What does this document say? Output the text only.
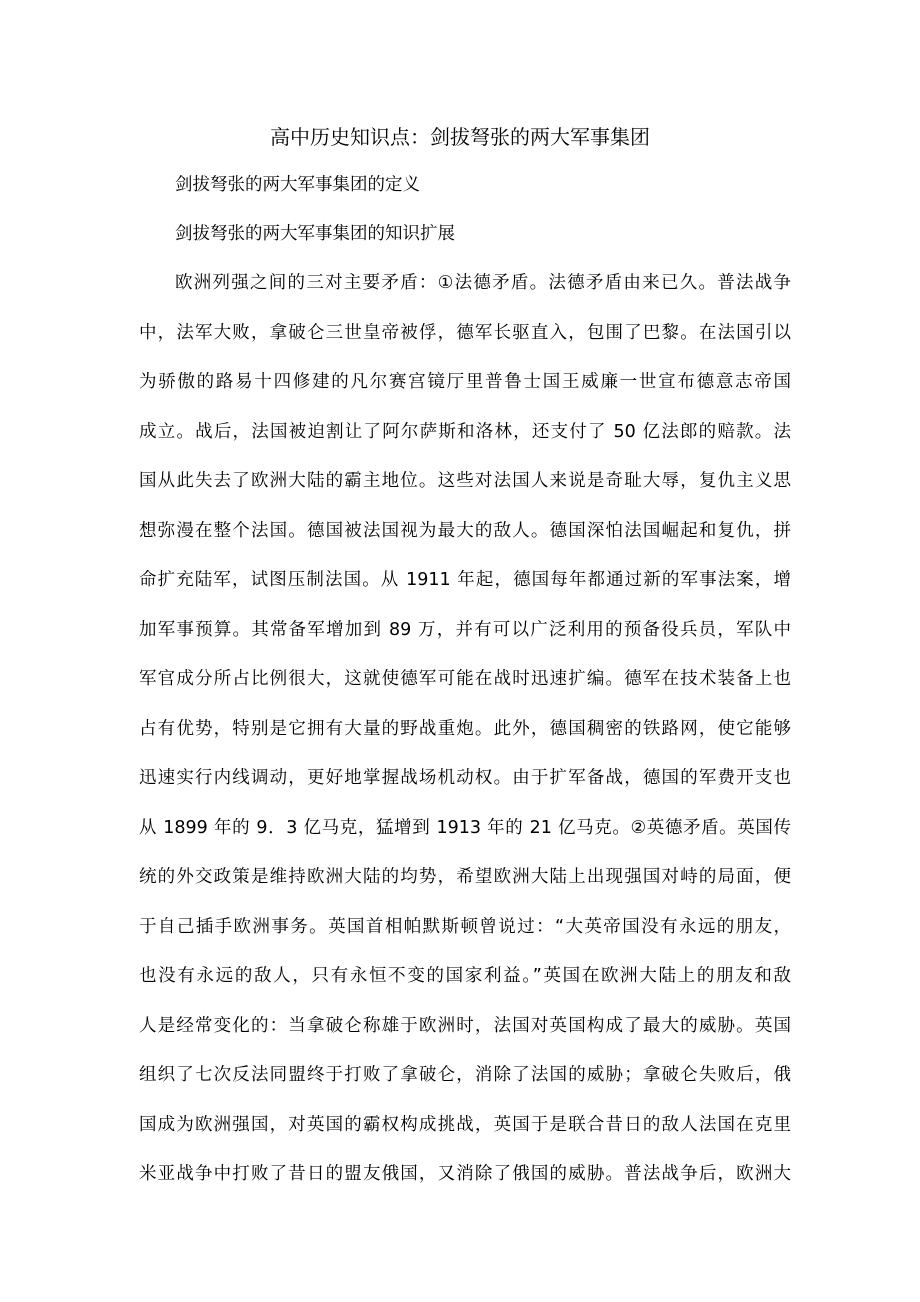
高中历史知识点：剑拔弩张的两大军事集团
剑拔弩张的两大军事集团的定义
剑拔弩张的两大军事集团的知识扩展
欧洲列强之间的三对主要矛盾：①法德矛盾。法德矛盾由来已久。普法战争
中，法军大败，拿破仑三世皇帝被俘，德军长驱直入，包围了巴黎。在法国引以
为骄傲的路易十四修建的凡尔赛宫镜厅里普鲁士国王威廉一世宣布德意志帝国
成立。战后，法国被迫割让了阿尔萨斯和洛林，还支付了 50 亿法郎的赔款。法
国从此失去了欧洲大陆的霸主地位。这些对法国人来说是奇耻大辱，复仇主义思
想弥漫在整个法国。德国被法国视为最大的敌人。德国深怕法国崛起和复仇，拼
命扩充陆军，试图压制法国。从 1911 年起，德国每年都通过新的军事法案，增
加军事预算。其常备军增加到 89 万，并有可以广泛利用的预备役兵员，军队中
军官成分所占比例很大，这就使德军可能在战时迅速扩编。德军在技术装备上也
占有优势，特别是它拥有大量的野战重炮。此外，德国稠密的铁路网，使它能够
迅速实行内线调动，更好地掌握战场机动权。由于扩军备战，德国的军费开支也
从 1899 年的 9．3 亿马克，猛增到 1913 年的 21 亿马克。②英德矛盾。英国传
统的外交政策是维持欧洲大陆的均势，希望欧洲大陆上出现强国对峙的局面，便
于自己插手欧洲事务。英国首相帕默斯顿曾说过：“大英帝国没有永远的朋友，
也没有永远的敌人，只有永恒不变的国家利益。”英国在欧洲大陆上的朋友和敌
人是经常变化的：当拿破仑称雄于欧洲时，法国对英国构成了最大的威胁。英国
组织了七次反法同盟终于打败了拿破仑，消除了法国的威胁；拿破仑失败后，俄
国成为欧洲强国，对英国的霸权构成挑战，英国于是联合昔日的敌人法国在克里
米亚战争中打败了昔日的盟友俄国，又消除了俄国的威胁。普法战争后，欧洲大
